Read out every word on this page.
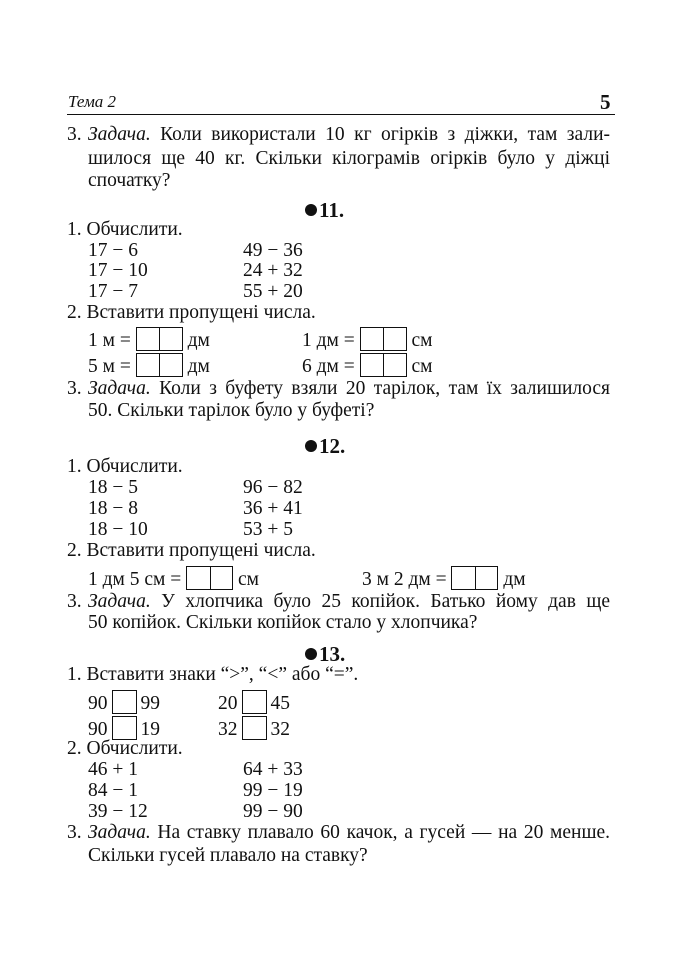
Тема 2	5
3. Задача. Коли використали 10 кг огірків з діжки, там зали-
шилося ще 40 кг. Скільки кілограмів огірків було у діжці
спочатку?
11.
1. Обчислити.
17 − 6	49 − 36
17 − 10	24 + 32
17 − 7	55 + 20
2. Вставити пропущені числа.
1 м =	дм	1 дм =	см
5 м =	дм	6 дм =	см
3. Задача. Коли з буфету взяли 20 тарілок, там їх залишилося
50. Скільки тарілок було у буфеті?
12.
1. Обчислити.
18 − 5	96 − 82
18 − 8	36 + 41
18 − 10	53 + 5
2. Вставити пропущені числа.
1 дм 5 см =	см	3 м 2 дм =	дм
3. Задача. У хлопчика було 25 копійок. Батько йому дав ще
50 копійок. Скільки копійок стало у хлопчика?
13.
1. Вставити знаки “>”, “<” або “=”.
90 99	20 45
90 19	32 32
2. Обчислити.
46 + 1	64 + 33
84 − 1	99 − 19
39 − 12	99 − 90
3. Задача. На ставку плавало 60 качок, а гусей — на 20 менше.
Скільки гусей плавало на ставку?
